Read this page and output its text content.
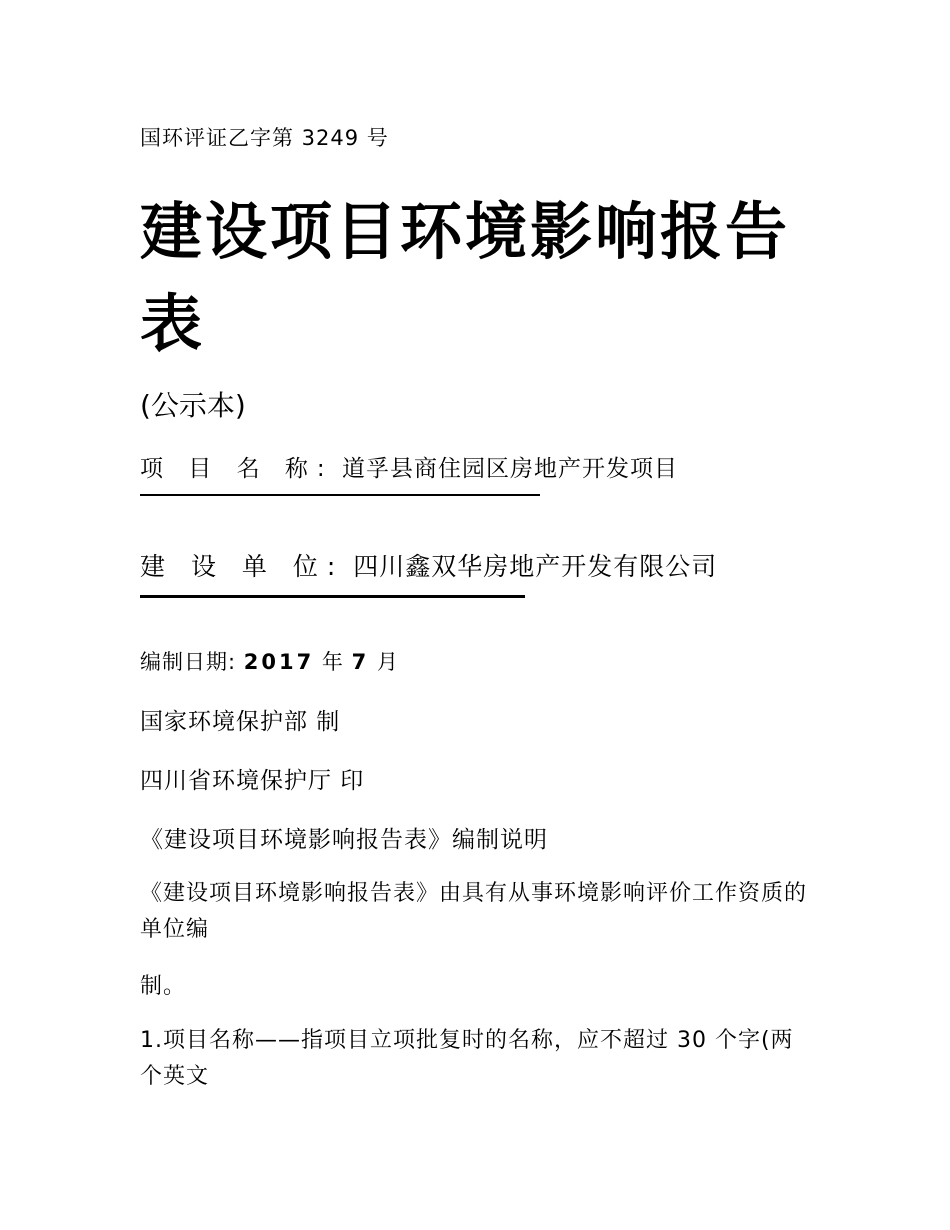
国环评证乙字第 3249 号

建设项目环境影响报告表

(公示本)

项 目 名 称: 道孚县商住园区房地产开发项目

建 设 单 位: 四川鑫双华房地产开发有限公司

编制日期: 2017 年 7 月

国家环境保护部 制

四川省环境保护厅 印

《建设项目环境影响报告表》编制说明

《建设项目环境影响报告表》由具有从事环境影响评价工作资质的单位编

制。

1.项目名称——指项目立项批复时的名称，应不超过 30 个字(两个英文
